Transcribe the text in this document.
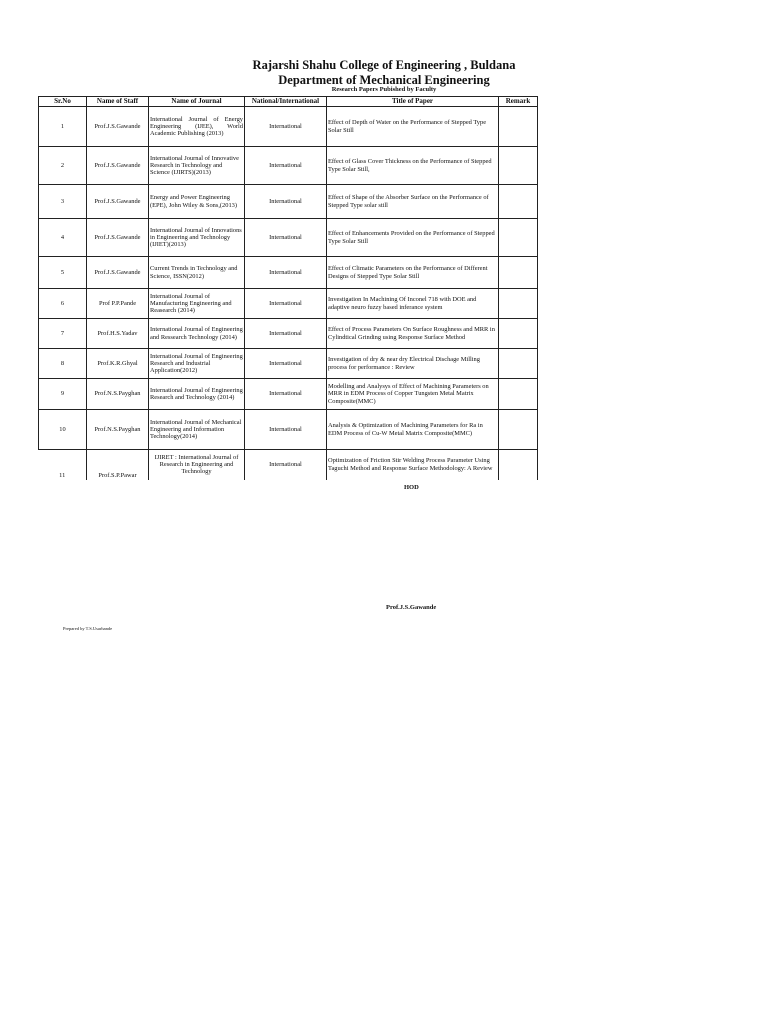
Rajarshi Shahu College of Engineering , Buldana
Department of Mechanical Engineering
Research Papers Pubished by Faculty
Sr.No	Name of Staff	Name of Journal	National/International	Title of Paper	Remark
1	Prof.J.S.Gawande	International Journal of Energy Engineering (IJEE), World Academic Publishing (2013)	International	Effect of Depth of Water on the Performance of Stepped Type Solar Still	
2	Prof.J.S.Gawande	International Journal of Innovative Research in Technology and Science (IJIRTS)(2013)	International	Effect of Glass Cover Thickness on the Performance of Stepped Type Solar Still,	
3	Prof.J.S.Gawande	Energy and Power Engineering (EPE), John Wiley & Sons,(2013)	International	Effect of Shape of the Absorber Surface on the Performance of Stepped Type solar still	
4	Prof.J.S.Gawande	International Journal of Innovations in Engineering and Technology (IJIET)(2013)	International	Effect of Enhancements Provided on the Performance of Stepped Type Solar Still	
5	Prof.J.S.Gawande	Current Trends in Technology and Science, ISSN(2012)	International	Effect of Climatic Parameters on the Performance of Different Designs of Stepped Type Solar Still	
6	Prof P.P.Pande	International Journal of Manufacturing Engineering and Reasearch (2014)	International	Investigation In Machining Of Inconel 718 with DOE and adaptive neuro fuzzy based inferance system	
7	Prof.H.S.Yadav	International Journal of Engineering and Ressearch Technology (2014)	International	Effect of Process Parameters On Surface Roughness and MRR in Cylindtical Grinding using Response Surface Method	
8	Prof.K.R.Ghyal	International Journal of Engineering Research and Industrial Application(2012)	International	Investigation of dry & near dry Electrical Dischage Milling process for performance : Review	
9	Prof.N.S.Payghan	International Journal of Engineering Research and Technology (2014)	International	Modelling and Analysys of Effect of Machining Parameters on MRR in EDM Process of Copper Tungsten Metal Matrix Composite(MMC)	
10	Prof.N.S.Payghan	International Journal of Mechanical Engineering and Information Technology(2014)	International	Analysis & Optimization of Machining Parameters for Ra in EDM Process of Cu-W Metal Matrix Composite(MMC)	
11	Prof.S.P.Pawar	IJIRET : International Journal of Research in Engineering and Technology	International	Optimization of Friction Stir Welding Process Parameter Using Taguchi Method and Response Surface Methodology: A Review	
HOD
Prof.J.S.Gawande
Prepared by T.S.Usarhande
